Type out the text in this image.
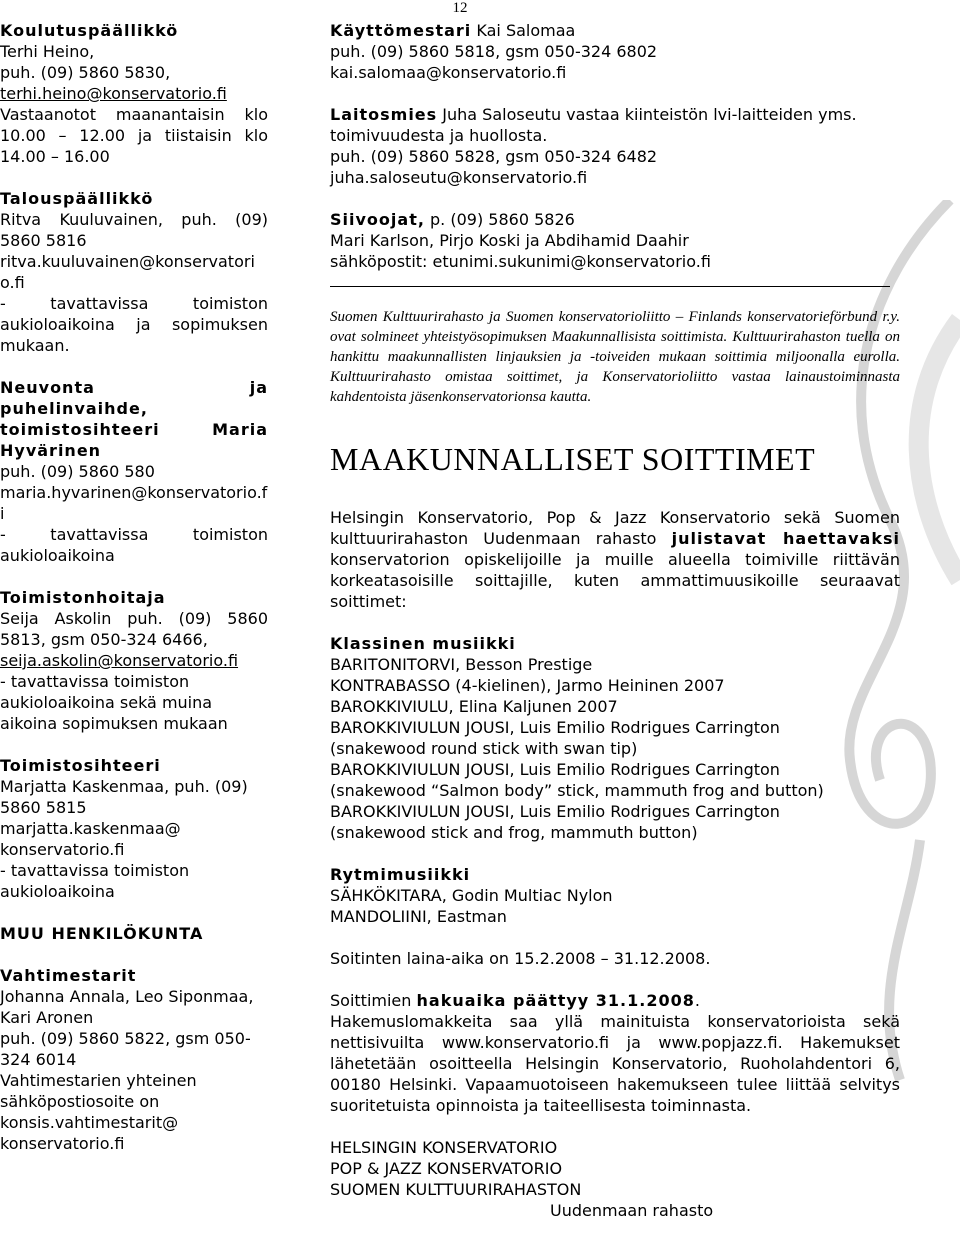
12

Koulutuspäällikkö

Terhi Heino,

puh. (09) 5860 5830,

terhi.heino@konservatorio.fi

Vastaanotot maanantaisin klo 10.00 – 12.00 ja tiistaisin klo 14.00 – 16.00

Talouspäällikkö

Ritva Kuuluvainen, puh. (09) 5860 5816

ritva.kuuluvainen@konservatorio.fi

- tavattavissa toimiston aukioloaikoina ja sopimuksen mukaan.

Neuvonta ja puhelinvaihde, toimistosihteeri Maria Hyvärinen

puh. (09) 5860 580

maria.hyvarinen@konservatorio.fi

- tavattavissa toimiston aukioloaikoina

Toimistonhoitaja

Seija Askolin puh. (09) 5860 5813, gsm 050-324 6466,

seija.askolin@konservatorio.fi

- tavattavissa toimiston aukioloaikoina sekä muina aikoina sopimuksen mukaan

Toimistosihteeri

Marjatta Kaskenmaa, puh. (09) 5860 5815

marjatta.kaskenmaa@ konservatorio.fi

- tavattavissa toimiston aukioloaikoina

MUU HENKILÖKUNTA

Vahtimestarit

Johanna Annala, Leo Siponmaa, Kari Aronen

puh. (09) 5860 5822, gsm 050-324 6014

Vahtimestarien yhteinen sähköpostiosoite on

konsis.vahtimestarit@ konservatorio.fi

Käyttömestari Kai Salomaa

puh. (09) 5860 5818, gsm 050-324 6802

kai.salomaa@konservatorio.fi

Laitosmies Juha Saloseutu vastaa kiinteistön lvi-laitteiden yms. toimivuudesta ja huollosta.

puh. (09) 5860 5828, gsm 050-324 6482

juha.saloseutu@konservatorio.fi

Siivoojat, p. (09) 5860 5826

Mari Karlson, Pirjo Koski ja Abdihamid Daahir

sähköpostit: etunimi.sukunimi@konservatorio.fi

Suomen Kulttuurirahasto ja Suomen konservatorioliitto – Finlands konservatorieförbund r.y. ovat solmineet yhteistyösopimuksen Maakunnallisista soittimista. Kulttuurirahaston tuella on hankittu maakunnallisten linjauksien ja -toiveiden mukaan soittimia miljoonalla eurolla. Kulttuurirahasto omistaa soittimet, ja Konservatorioliitto vastaa lainaustoiminnasta kahdentoista jäsenkonservatorionsa kautta.

MAAKUNNALLISET SOITTIMET

Helsingin Konservatorio, Pop & Jazz Konservatorio sekä Suomen kulttuurirahaston Uudenmaan rahasto julistavat haettavaksi konservatorion opiskelijoille ja muille alueella toimiville riittävän korkeatasoisille soittajille, kuten ammattimuusikoille seuraavat soittimet:

Klassinen musiikki

BARITONITORVI, Besson Prestige

KONTRABASSO (4-kielinen), Jarmo Heininen 2007

BAROKKIVIULU, Elina Kaljunen 2007

BAROKKIVIULUN JOUSI, Luis Emilio Rodrigues Carrington

(snakewood round stick with swan tip)

BAROKKIVIULUN JOUSI, Luis Emilio Rodrigues Carrington

(snakewood “Salmon body” stick, mammuth frog and button)

BAROKKIVIULUN JOUSI, Luis Emilio Rodrigues Carrington

(snakewood stick and frog, mammuth button)

Rytmimusiikki

SÄHKÖKITARA, Godin Multiac Nylon

MANDOLIINI, Eastman

Soitinten laina-aika on 15.2.2008 – 31.12.2008.

Soittimien hakuaika päättyy 31.1.2008.

Hakemuslomakkeita saa yllä mainituista konservatorioista sekä nettisivuilta www.konservatorio.fi ja www.popjazz.fi. Hakemukset lähetetään osoitteella Helsingin Konservatorio, Ruoholahdentori 6, 00180 Helsinki. Vapaamuotoiseen hakemukseen tulee liittää selvitys suoritetuista opinnoista ja taiteellisesta toiminnasta.

HELSINGIN KONSERVATORIO

POP & JAZZ KONSERVATORIO

SUOMEN KULTTUURIRAHASTON

Uudenmaan rahasto
